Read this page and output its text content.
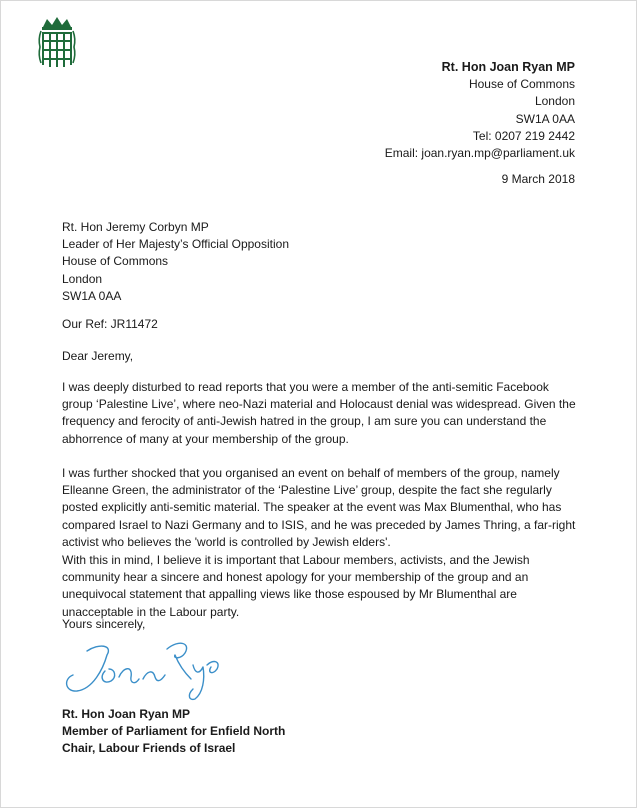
Rt. Hon Joan Ryan MP
House of Commons
London
SW1A 0AA
Tel: 0207 219 2442
Email: joan.ryan.mp@parliament.uk
9 March 2018
Rt. Hon Jeremy Corbyn MP
Leader of Her Majesty’s Official Opposition
House of Commons
London
SW1A 0AA
Our Ref: JR11472
Dear Jeremy,

I was deeply disturbed to read reports that you were a member of the anti-semitic Facebook group ‘Palestine Live’, where neo-Nazi material and Holocaust denial was widespread. Given the frequency and ferocity of anti-Jewish hatred in the group, I am sure you can understand the abhorrence of many at your membership of the group.

I was further shocked that you organised an event on behalf of members of the group, namely Elleanne Green, the administrator of the ‘Palestine Live’ group, despite the fact she regularly posted explicitly anti-semitic material. The speaker at the event was Max Blumenthal, who has compared Israel to Nazi Germany and to ISIS, and he was preceded by James Thring, a far-right activist who believes the 'world is controlled by Jewish elders'.

With this in mind, I believe it is important that Labour members, activists, and the Jewish community hear a sincere and honest apology for your membership of the group and an unequivocal statement that appalling views like those espoused by Mr Blumenthal are unacceptable in the Labour party.

Yours sincerely,
Rt. Hon Joan Ryan MP
Member of Parliament for Enfield North
Chair, Labour Friends of Israel
